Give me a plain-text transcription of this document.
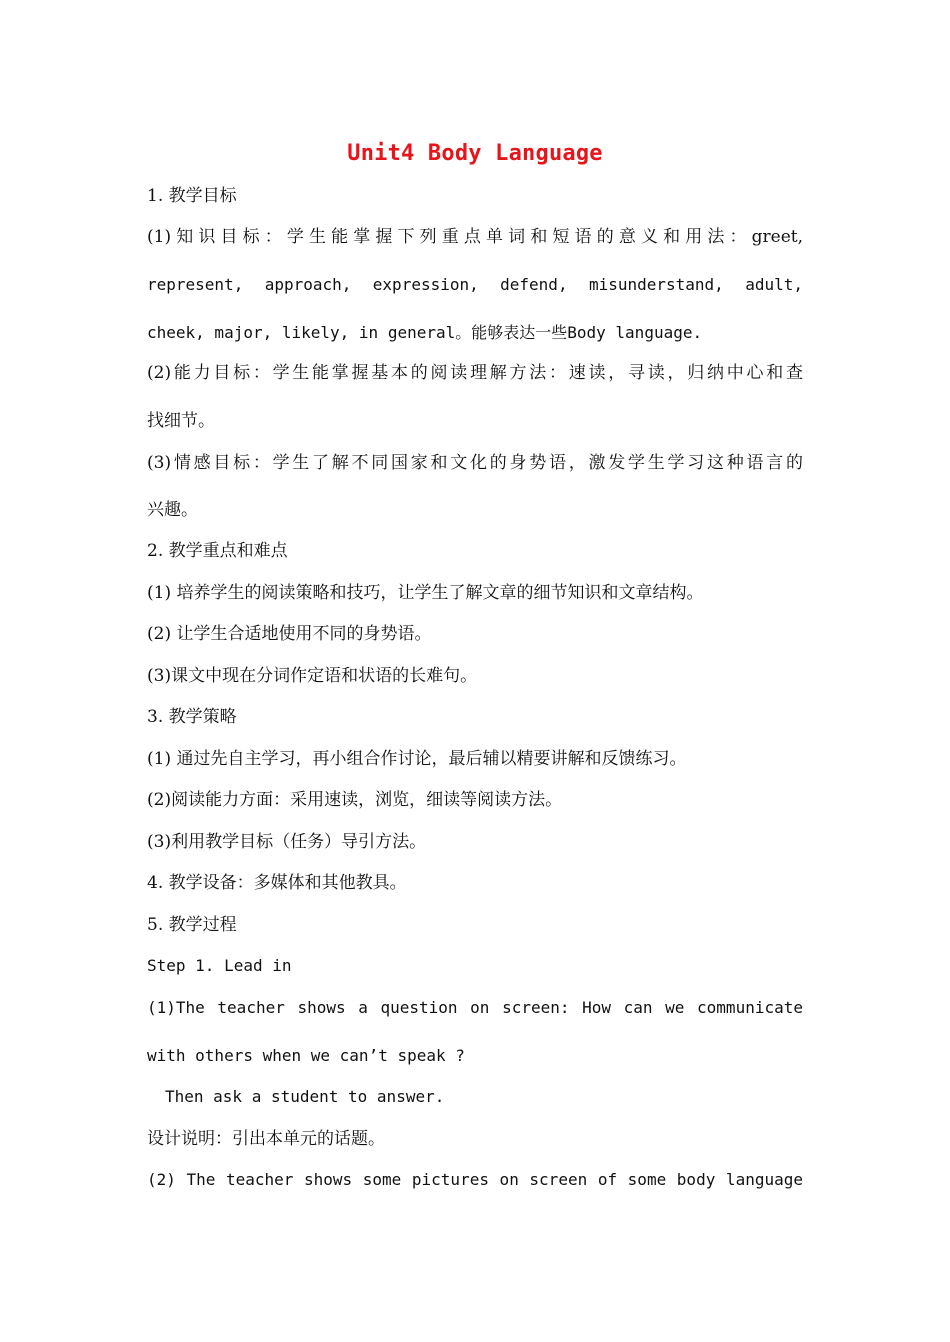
Unit4 Body Language
1. 教学目标
(1)知识目标：学生能掌握下列重点单词和短语的意义和用法：greet,
represent, approach, expression, defend, misunderstand, adult,
cheek, major, likely, in general。能够表达一些Body language.
(2)能力目标：学生能掌握基本的阅读理解方法：速读，寻读，归纳中心和查
找细节。
(3)情感目标：学生了解不同国家和文化的身势语，激发学生学习这种语言的
兴趣。
2. 教学重点和难点
(1) 培养学生的阅读策略和技巧，让学生了解文章的细节知识和文章结构。
(2) 让学生合适地使用不同的身势语。
(3)课文中现在分词作定语和状语的长难句。
3. 教学策略
(1) 通过先自主学习，再小组合作讨论，最后辅以精要讲解和反馈练习。
(2)阅读能力方面：采用速读，浏览，细读等阅读方法。
(3)利用教学目标（任务）导引方法。
4. 教学设备：多媒体和其他教具。
5. 教学过程
Step 1. Lead in
(1)The teacher shows a question on screen: How can we communicate
with others when we can’t speak ?
Then ask a student to answer.
设计说明：引出本单元的话题。
(2) The teacher shows some pictures on screen of some body language
